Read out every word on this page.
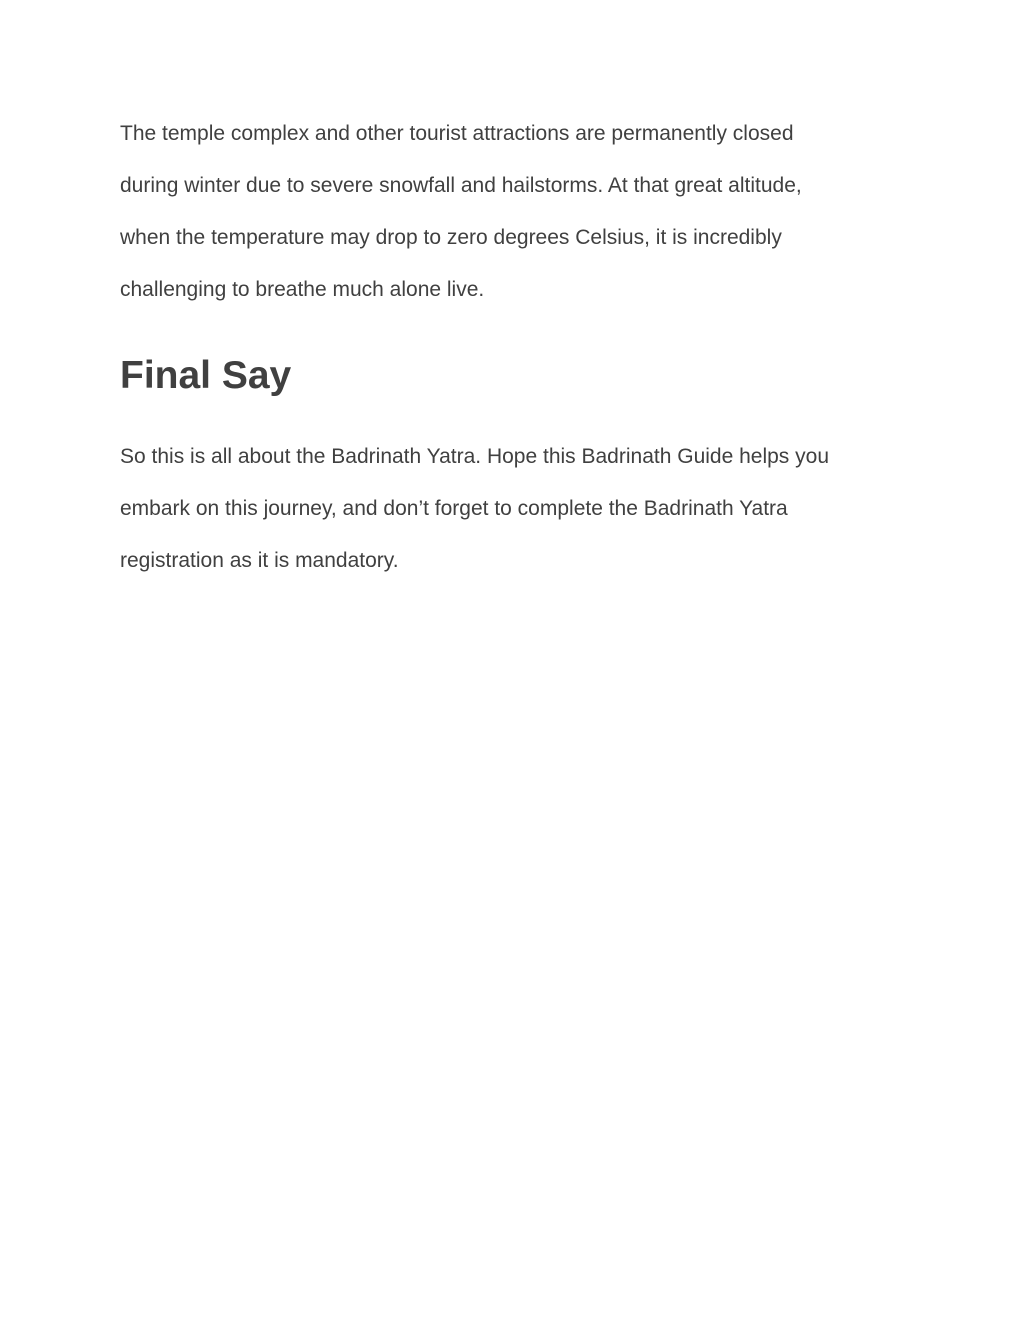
The temple complex and other tourist attractions are permanently closed
during winter due to severe snowfall and hailstorms. At that great altitude,
when the temperature may drop to zero degrees Celsius, it is incredibly
challenging to breathe much alone live.

Final Say

So this is all about the Badrinath Yatra. Hope this Badrinath Guide helps you
embark on this journey, and don’t forget to complete the Badrinath Yatra
registration as it is mandatory.
